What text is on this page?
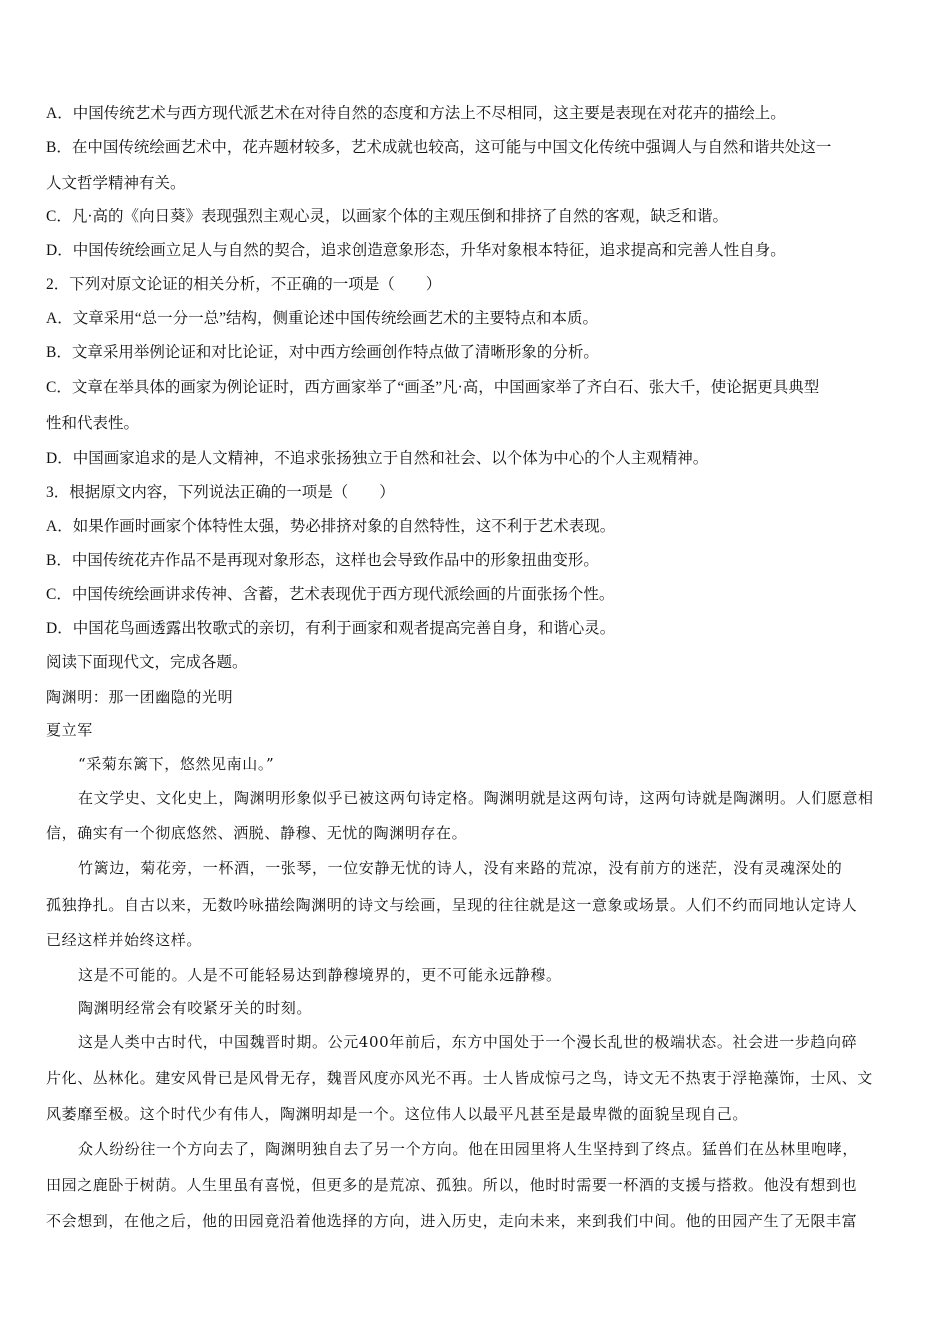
A．中国传统艺术与西方现代派艺术在对待自然的态度和方法上不尽相同，这主要是表现在对花卉的描绘上。
B．在中国传统绘画艺术中，花卉题材较多，艺术成就也较高，这可能与中国文化传统中强调人与自然和谐共处这一
人文哲学精神有关。
C．凡·高的《向日葵》表现强烈主观心灵，以画家个体的主观压倒和排挤了自然的客观，缺乏和谐。
D．中国传统绘画立足人与自然的契合，追求创造意象形态，升华对象根本特征，追求提高和完善人性自身。
2．下列对原文论证的相关分析，不正确的一项是（　　）
A．文章采用“总一分一总”结构，侧重论述中国传统绘画艺术的主要特点和本质。
B．文章采用举例论证和对比论证，对中西方绘画创作特点做了清晰形象的分析。
C．文章在举具体的画家为例论证时，西方画家举了“画圣”凡·高，中国画家举了齐白石、张大千，使论据更具典型
性和代表性。
D．中国画家追求的是人文精神，不追求张扬独立于自然和社会、以个体为中心的个人主观精神。
3．根据原文内容，下列说法正确的一项是（　　）
A．如果作画时画家个体特性太强，势必排挤对象的自然特性，这不利于艺术表现。
B．中国传统花卉作品不是再现对象形态，这样也会导致作品中的形象扭曲变形。
C．中国传统绘画讲求传神、含蓄，艺术表现优于西方现代派绘画的片面张扬个性。
D．中国花鸟画透露出牧歌式的亲切，有利于画家和观者提高完善自身，和谐心灵。
阅读下面现代文，完成各题。
陶渊明：那一团幽隐的光明
夏立军
“采菊东篱下，悠然见南山。”
在文学史、文化史上，陶渊明形象似乎已被这两句诗定格。陶渊明就是这两句诗，这两句诗就是陶渊明。人们愿意相
信，确实有一个彻底悠然、洒脱、静穆、无忧的陶渊明存在。
竹篱边，菊花旁，一杯酒，一张琴，一位安静无忧的诗人，没有来路的荒凉，没有前方的迷茫，没有灵魂深处的
孤独挣扎。自古以来，无数吟咏描绘陶渊明的诗文与绘画，呈现的往往就是这一意象或场景。人们不约而同地认定诗人
已经这样并始终这样。
这是不可能的。人是不可能轻易达到静穆境界的，更不可能永远静穆。
陶渊明经常会有咬紧牙关的时刻。
这是人类中古时代，中国魏晋时期。公元400年前后，东方中国处于一个漫长乱世的极端状态。社会进一步趋向碎
片化、丛林化。建安风骨已是风骨无存，魏晋风度亦风光不再。士人皆成惊弓之鸟，诗文无不热衷于浮艳藻饰，士风、文
风萎靡至极。这个时代少有伟人，陶渊明却是一个。这位伟人以最平凡甚至是最卑微的面貌呈现自己。
众人纷纷往一个方向去了，陶渊明独自去了另一个方向。他在田园里将人生坚持到了终点。猛兽们在丛林里咆哮，
田园之鹿卧于树荫。人生里虽有喜悦，但更多的是荒凉、孤独。所以，他时时需要一杯酒的支援与搭救。他没有想到也
不会想到，在他之后，他的田园竟沿着他选择的方向，进入历史，走向未来，来到我们中间。他的田园产生了无限丰富
